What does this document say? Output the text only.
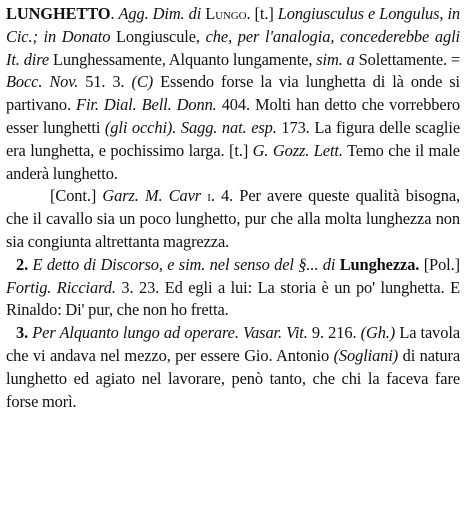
LUNGHETTO. Agg. Dim. di Lungo. [t.] Longiusculus e Longulus, in Cic.; in Donato Longiuscule, che, per l'analogia, concederebbe agli It. dire Lunghessamente, Alquanto lungamente, sim. a Solettamente. = Bocc. Nov. 51. 3. (C) Essendo forse la via lunghetta di là onde si partivano. Fir. Dial. Bell. Donn. 404. Molti han detto che vorrebbero esser lunghetti (gli occhi). Sagg. nat. esp. 173. La figura delle scaglie era lunghetta, e pochissimo larga. [t.] G. Gozz. Lett. Temo che il male anderà lunghetto.

[Cont.] Garz. M. Cavr i. 4. Per avere queste qualità bisogna, che il cavallo sia un poco lunghetto, pur che alla molta lunghezza non sia congiunta altrettanta magrezza.

2. E detto di Discorso, e sim. nel senso del §... di Lunghezza. [Pol.] Fortig. Ricciard. 3. 23. Ed egli a lui: La storia è un po' lunghetta. E Rinaldo: Di' pur, che non ho fretta.

3. Per Alquanto lungo ad operare. Vasar. Vit. 9. 216. (Gh.) La tavola che vi andava nel mezzo, per essere Gio. Antonio (Sogliani) di natura lunghetto ed agiato nel lavorare, penò tanto, che chi la faceva fare forse morì.
